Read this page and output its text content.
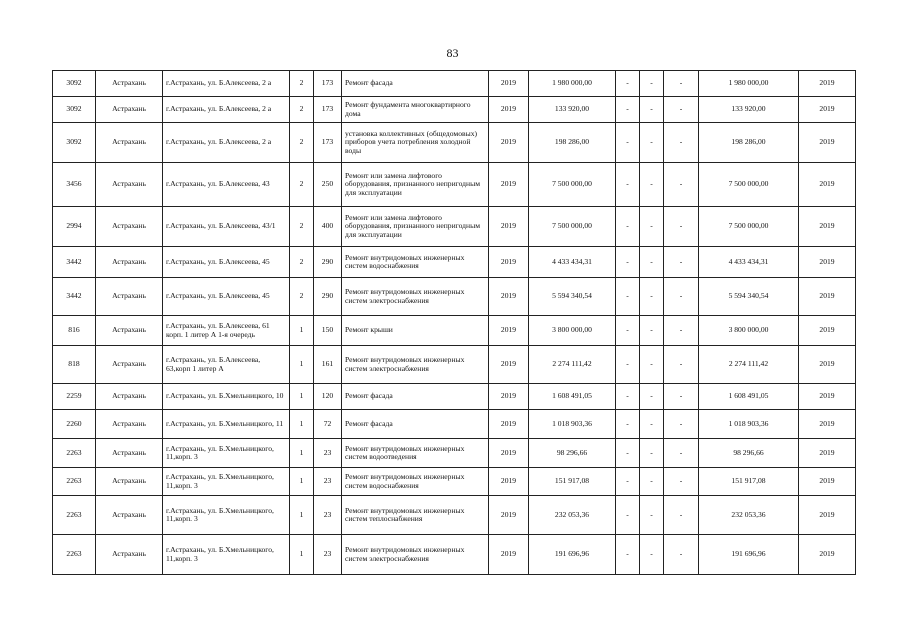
83
3092	Астрахань	г.Астрахань, ул. Б.Алексеева, 2 а	2	173	Ремонт фасада	2019	1 980 000,00	-	-	-	1 980 000,00	2019
3092	Астрахань	г.Астрахань, ул. Б.Алексеева, 2 а	2	173	Ремонт фундамента многоквартирного дома	2019	133 920,00	-	-	-	133 920,00	2019
3092	Астрахань	г.Астрахань, ул. Б.Алексеева, 2 а	2	173	установка коллективных (общедомовых) приборов учета потребления холодной воды	2019	198 286,00	-	-	-	198 286,00	2019
3456	Астрахань	г.Астрахань, ул. Б.Алексеева, 43	2	250	Ремонт или замена лифтового оборудования, признанного непригодным для эксплуатации	2019	7 500 000,00	-	-	-	7 500 000,00	2019
2994	Астрахань	г.Астрахань, ул. Б.Алексеева, 43/1	2	400	Ремонт или замена лифтового оборудования, признанного непригодным для эксплуатации	2019	7 500 000,00	-	-	-	7 500 000,00	2019
3442	Астрахань	г.Астрахань, ул. Б.Алексеева, 45	2	290	Ремонт внутридомовых инженерных систем водоснабжения	2019	4 433 434,31	-	-	-	4 433 434,31	2019
3442	Астрахань	г.Астрахань, ул. Б.Алексеева, 45	2	290	Ремонт внутридомовых инженерных систем электроснабжения	2019	5 594 340,54	-	-	-	5 594 340,54	2019
816	Астрахань	г.Астрахань, ул. Б.Алексеева, 61 корп. 1 литер А 1-я очередь	1	150	Ремонт крыши	2019	3 800 000,00	-	-	-	3 800 000,00	2019
818	Астрахань	г.Астрахань, ул. Б.Алексеева, 63,корп 1 литер А	1	161	Ремонт внутридомовых инженерных систем электроснабжения	2019	2 274 111,42	-	-	-	2 274 111,42	2019
2259	Астрахань	г.Астрахань, ул. Б.Хмельницкого, 10	1	120	Ремонт фасада	2019	1 608 491,05	-	-	-	1 608 491,05	2019
2260	Астрахань	г.Астрахань, ул. Б.Хмельницкого, 11	1	72	Ремонт фасада	2019	1 018 903,36	-	-	-	1 018 903,36	2019
2263	Астрахань	г.Астрахань, ул. Б.Хмельницкого, 11,корп. 3	1	23	Ремонт внутридомовых инженерных систем водоотведения	2019	98 296,66	-	-	-	98 296,66	2019
2263	Астрахань	г.Астрахань, ул. Б.Хмельницкого, 11,корп. 3	1	23	Ремонт внутридомовых инженерных систем водоснабжения	2019	151 917,08	-	-	-	151 917,08	2019
2263	Астрахань	г.Астрахань, ул. Б.Хмельницкого, 11,корп. 3	1	23	Ремонт внутридомовых инженерных систем теплоснабжения	2019	232 053,36	-	-	-	232 053,36	2019
2263	Астрахань	г.Астрахань, ул. Б.Хмельницкого, 11,корп. 3	1	23	Ремонт внутридомовых инженерных систем электроснабжения	2019	191 696,96	-	-	-	191 696,96	2019
